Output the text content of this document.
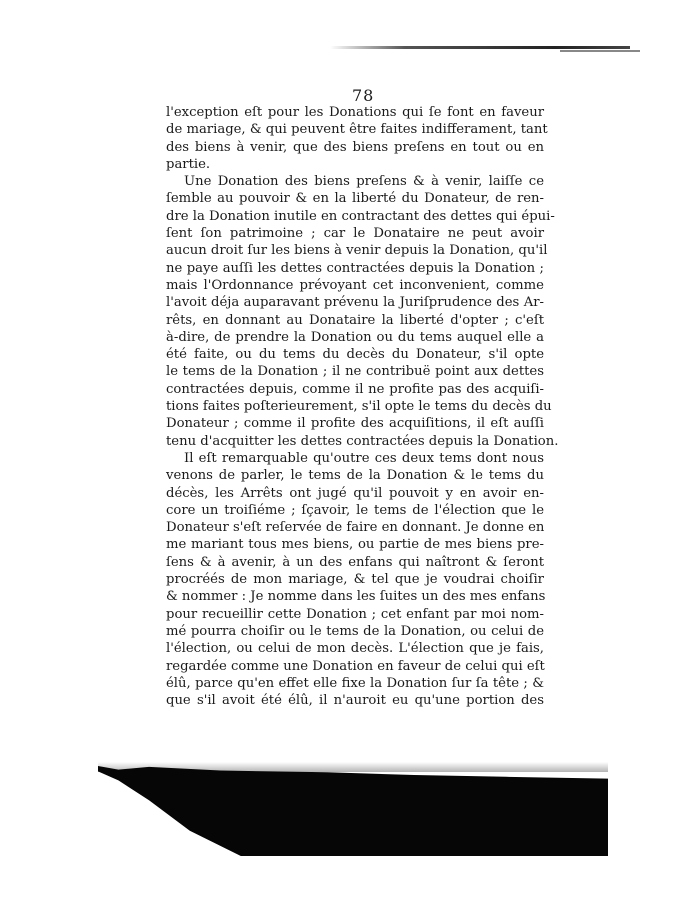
78
l'exception eſt pour les Donations qui ſe font en faveur
de mariage, & qui peuvent être faites indifferament, tant
des biens à venir, que des biens preſens en tout ou en
partie.
Une Donation des biens preſens & à venir, laiſſe ce
ſemble au pouvoir & en la liberté du Donateur, de ren-
dre la Donation inutile en contractant des dettes qui épui-
ſent ſon patrimoine ; car le Donataire ne peut avoir
aucun droit ſur les biens à venir depuis la Donation, qu'il
ne paye auſſi les dettes contractées depuis la Donation ;
mais l'Ordonnance prévoyant cet inconvenient, comme
l'avoit déja auparavant prévenu la Juriſprudence des Ar-
rêts, en donnant au Donataire la liberté d'opter ; c'eſt
à-dire, de prendre la Donation ou du tems auquel elle a
été faite, ou du tems du decès du Donateur, s'il opte
le tems de la Donation ; il ne contribuë point aux dettes
contractées depuis, comme il ne profite pas des acquiſi-
tions faites poſterieurement, s'il opte le tems du decès du
Donateur ; comme il profite des acquiſitions, il eſt auſſi
tenu d'acquitter les dettes contractées depuis la Donation.
Il eſt remarquable qu'outre ces deux tems dont nous
venons de parler, le tems de la Donation & le tems du
décès, les Arrêts ont jugé qu'il pouvoit y en avoir en-
core un troiſiéme ; ſçavoir, le tems de l'élection que le
Donateur s'eſt reſervée de faire en donnant. Je donne en
me mariant tous mes biens, ou partie de mes biens pre-
ſens & à avenir, à un des enfans qui naîtront & ſeront
procréés de mon mariage, & tel que je voudrai choiſir
& nommer : Je nomme dans les ſuites un des mes enfans
pour recueillir cette Donation ; cet enfant par moi nom-
mé pourra choiſir ou le tems de la Donation, ou celui de
l'élection, ou celui de mon decès. L'élection que je fais,
regardée comme une Donation en faveur de celui qui eſt
élû, parce qu'en effet elle fixe la Donation ſur ſa tête ; &
que s'il avoit été élû, il n'auroit eu qu'une portion des
